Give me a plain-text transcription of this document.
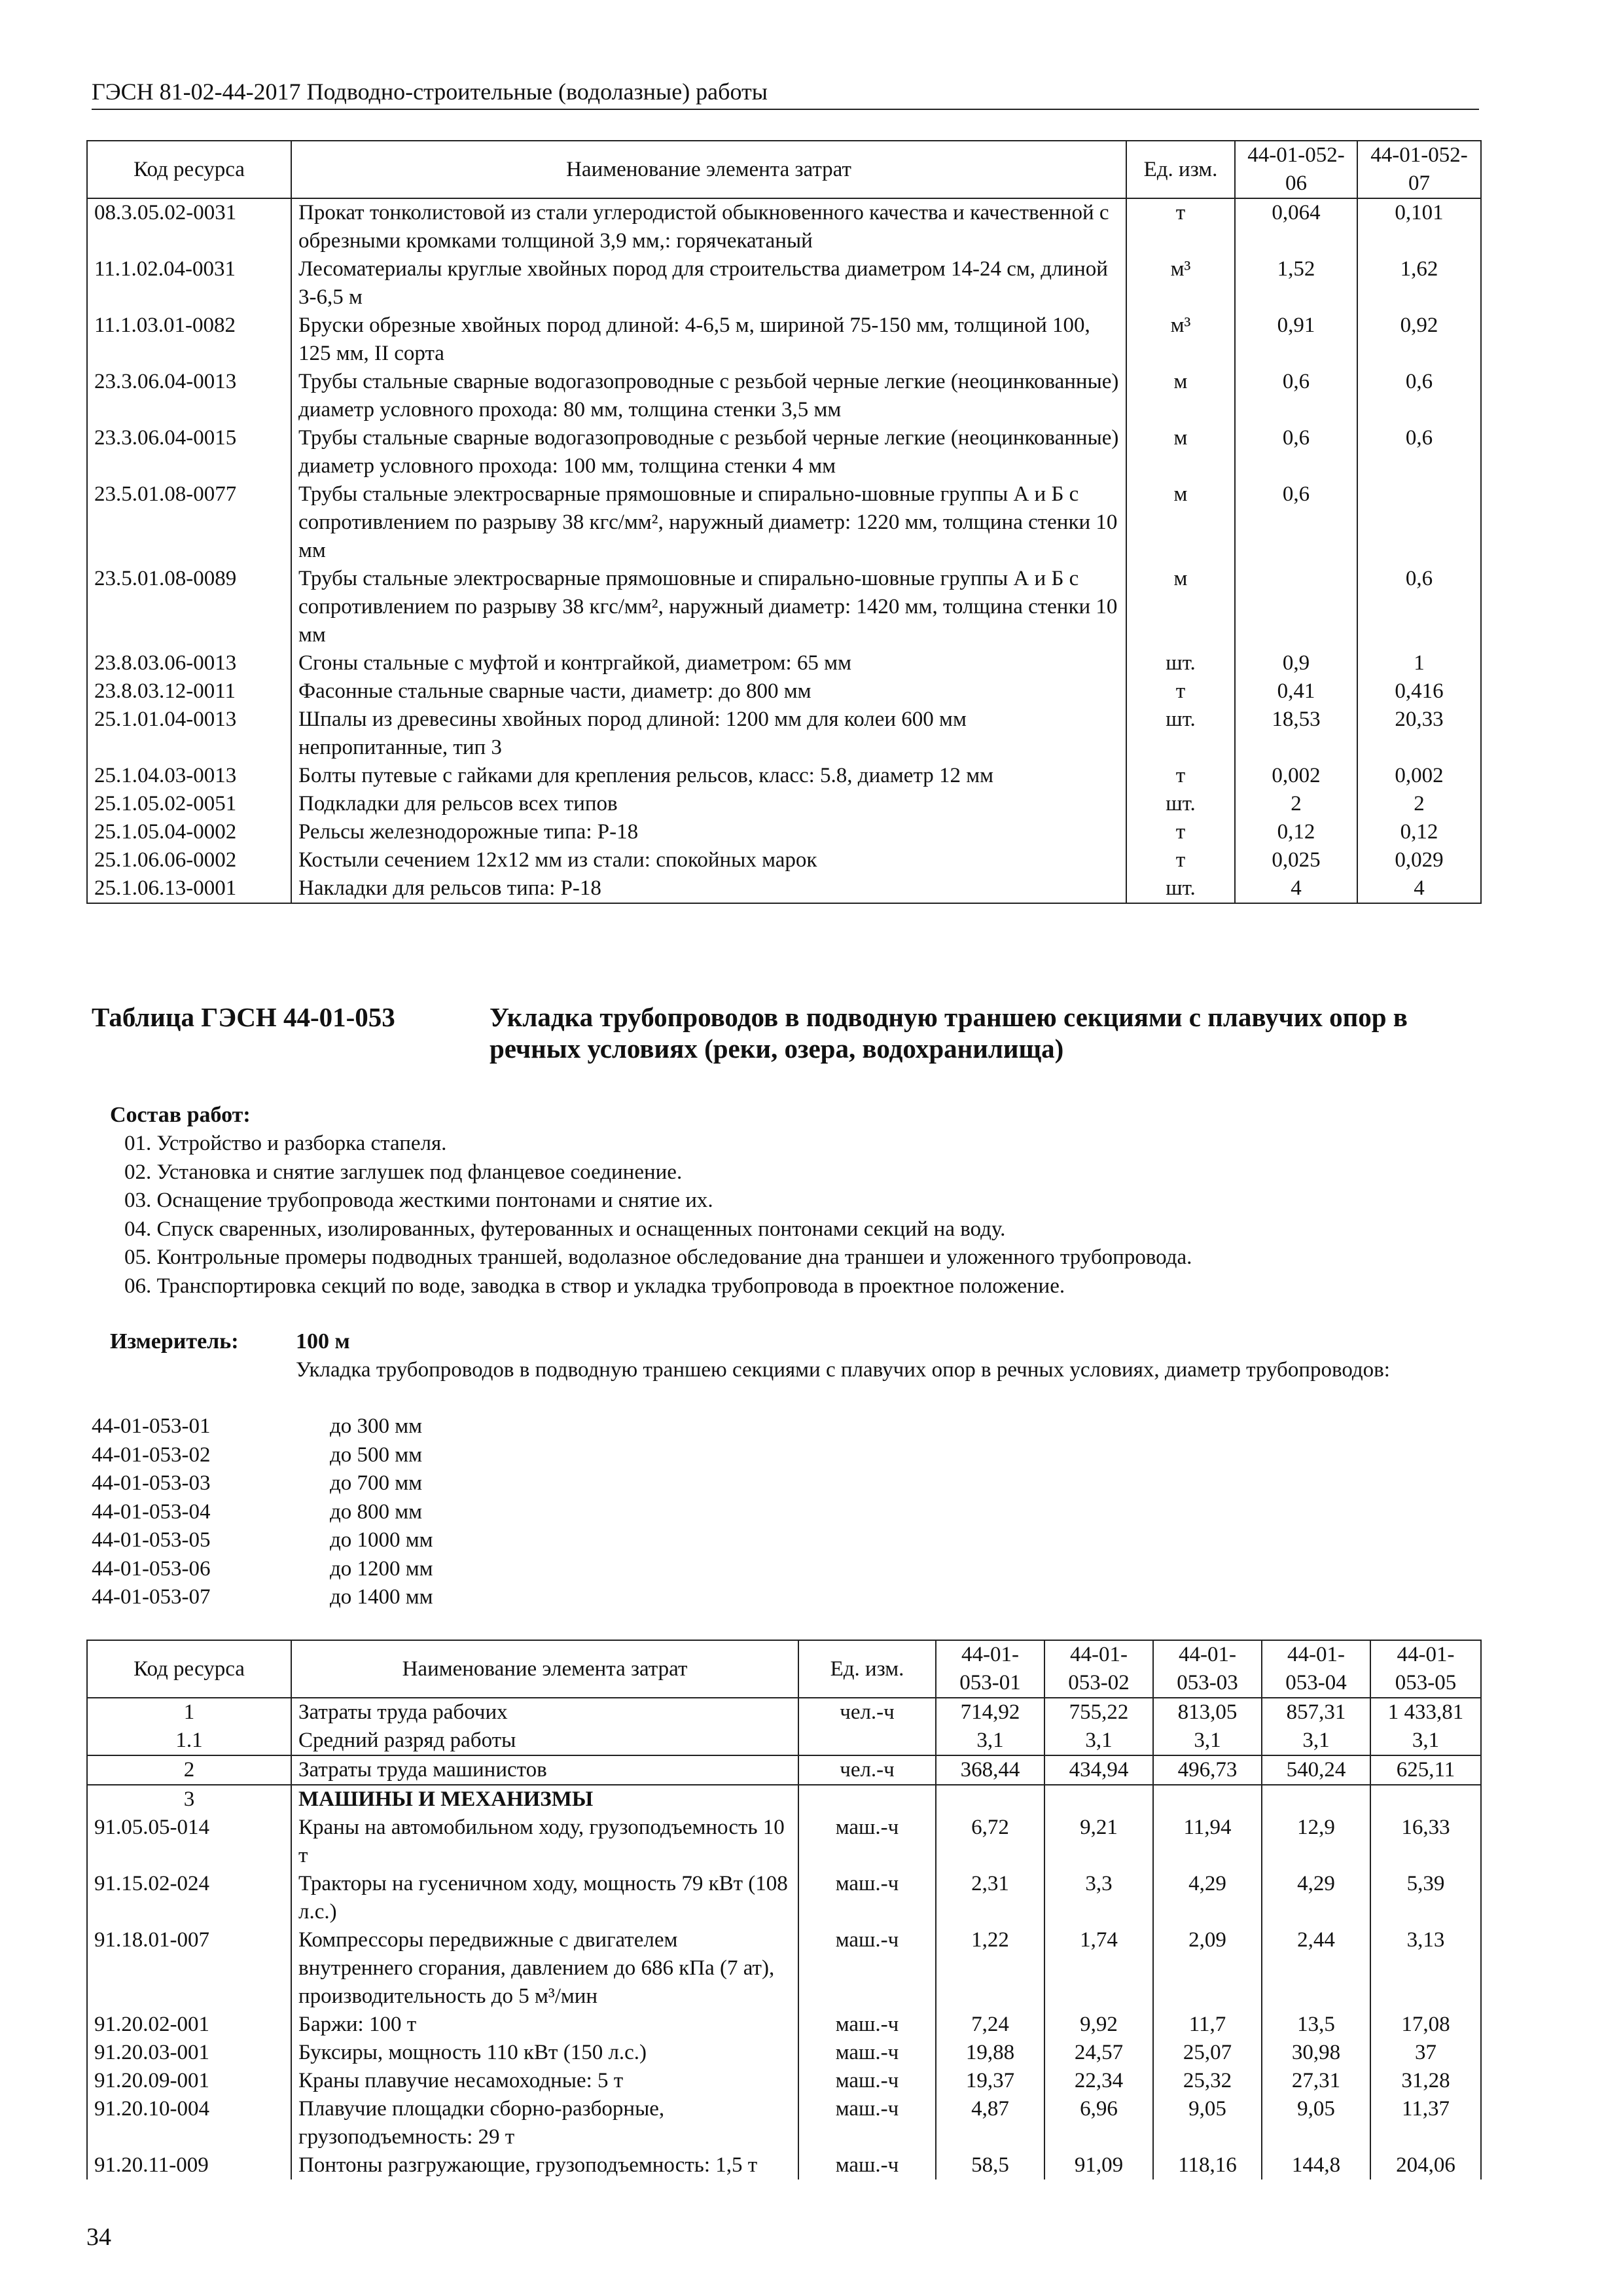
ГЭСН 81-02-44-2017 Подводно-строительные (водолазные) работы
Код ресурса	Наименование элемента затрат	Ед. изм.	44-01-052-06	44-01-052-07
08.3.05.02-0031	Прокат тонколистовой из стали углеродистой обыкновенного качества и качественной с обрезными кромками толщиной 3,9 мм,: горячекатаный	т	0,064	0,101
11.1.02.04-0031	Лесоматериалы круглые хвойных пород для строительства диаметром 14-24 см, длиной 3-6,5 м	м³	1,52	1,62
11.1.03.01-0082	Бруски обрезные хвойных пород длиной: 4-6,5 м, шириной 75-150 мм, толщиной 100, 125 мм, II сорта	м³	0,91	0,92
23.3.06.04-0013	Трубы стальные сварные водогазопроводные с резьбой черные легкие (неоцинкованные) диаметр условного прохода: 80 мм, толщина стенки 3,5 мм	м	0,6	0,6
23.3.06.04-0015	Трубы стальные сварные водогазопроводные с резьбой черные легкие (неоцинкованные) диаметр условного прохода: 100 мм, толщина стенки 4 мм	м	0,6	0,6
23.5.01.08-0077	Трубы стальные электросварные прямошовные и спирально-шовные группы А и Б с сопротивлением по разрыву 38 кгс/мм², наружный диаметр: 1220 мм, толщина стенки 10 мм	м	0,6	
23.5.01.08-0089	Трубы стальные электросварные прямошовные и спирально-шовные группы А и Б с сопротивлением по разрыву 38 кгс/мм², наружный диаметр: 1420 мм, толщина стенки 10 мм	м		0,6
23.8.03.06-0013	Сгоны стальные с муфтой и контргайкой, диаметром: 65 мм	шт.	0,9	1
23.8.03.12-0011	Фасонные стальные сварные части, диаметр: до 800 мм	т	0,41	0,416
25.1.01.04-0013	Шпалы из древесины хвойных пород длиной: 1200 мм для колеи 600 мм непропитанные, тип 3	шт.	18,53	20,33
25.1.04.03-0013	Болты путевые с гайками для крепления рельсов, класс: 5.8, диаметр 12 мм	т	0,002	0,002
25.1.05.02-0051	Подкладки для рельсов всех типов	шт.	2	2
25.1.05.04-0002	Рельсы железнодорожные типа: Р-18	т	0,12	0,12
25.1.06.06-0002	Костыли сечением 12х12 мм из стали: спокойных марок	т	0,025	0,029
25.1.06.13-0001	Накладки для рельсов типа: Р-18	шт.	4	4
Таблица ГЭСН 44-01-053	Укладка трубопроводов в подводную траншею секциями с плавучих опор в речных условиях (реки, озера, водохранилища)
Состав работ:
01. Устройство и разборка стапеля.
02. Установка и снятие заглушек под фланцевое соединение.
03. Оснащение трубопровода жесткими понтонами и снятие их.
04. Спуск сваренных, изолированных, футерованных и оснащенных понтонами секций на воду.
05. Контрольные промеры подводных траншей, водолазное обследование дна траншеи и уложенного трубопровода.
06. Транспортировка секций по воде, заводка в створ и укладка трубопровода в проектное положение.
Измеритель:	100 м
Укладка трубопроводов в подводную траншею секциями с плавучих опор в речных условиях, диаметр трубопроводов:
44-01-053-01	до 300 мм
44-01-053-02	до 500 мм
44-01-053-03	до 700 мм
44-01-053-04	до 800 мм
44-01-053-05	до 1000 мм
44-01-053-06	до 1200 мм
44-01-053-07	до 1400 мм
Код ресурса	Наименование элемента затрат	Ед. изм.	44-01-053-01	44-01-053-02	44-01-053-03	44-01-053-04	44-01-053-05
1	Затраты труда рабочих	чел.-ч	714,92	755,22	813,05	857,31	1 433,81
1.1	Средний разряд работы		3,1	3,1	3,1	3,1	3,1
2	Затраты труда машинистов	чел.-ч	368,44	434,94	496,73	540,24	625,11
3	МАШИНЫ И МЕХАНИЗМЫ						
91.05.05-014	Краны на автомобильном ходу, грузоподъемность 10 т	маш.-ч	6,72	9,21	11,94	12,9	16,33
91.15.02-024	Тракторы на гусеничном ходу, мощность 79 кВт (108 л.с.)	маш.-ч	2,31	3,3	4,29	4,29	5,39
91.18.01-007	Компрессоры передвижные с двигателем внутреннего сгорания, давлением до 686 кПа (7 ат), производительность до 5 м³/мин	маш.-ч	1,22	1,74	2,09	2,44	3,13
91.20.02-001	Баржи: 100 т	маш.-ч	7,24	9,92	11,7	13,5	17,08
91.20.03-001	Буксиры, мощность 110 кВт (150 л.с.)	маш.-ч	19,88	24,57	25,07	30,98	37
91.20.09-001	Краны плавучие несамоходные: 5 т	маш.-ч	19,37	22,34	25,32	27,31	31,28
91.20.10-004	Плавучие площадки сборно-разборные, грузоподъемность: 29 т	маш.-ч	4,87	6,96	9,05	9,05	11,37
91.20.11-009	Понтоны разгружающие, грузоподъемность: 1,5 т	маш.-ч	58,5	91,09	118,16	144,8	204,06
34
